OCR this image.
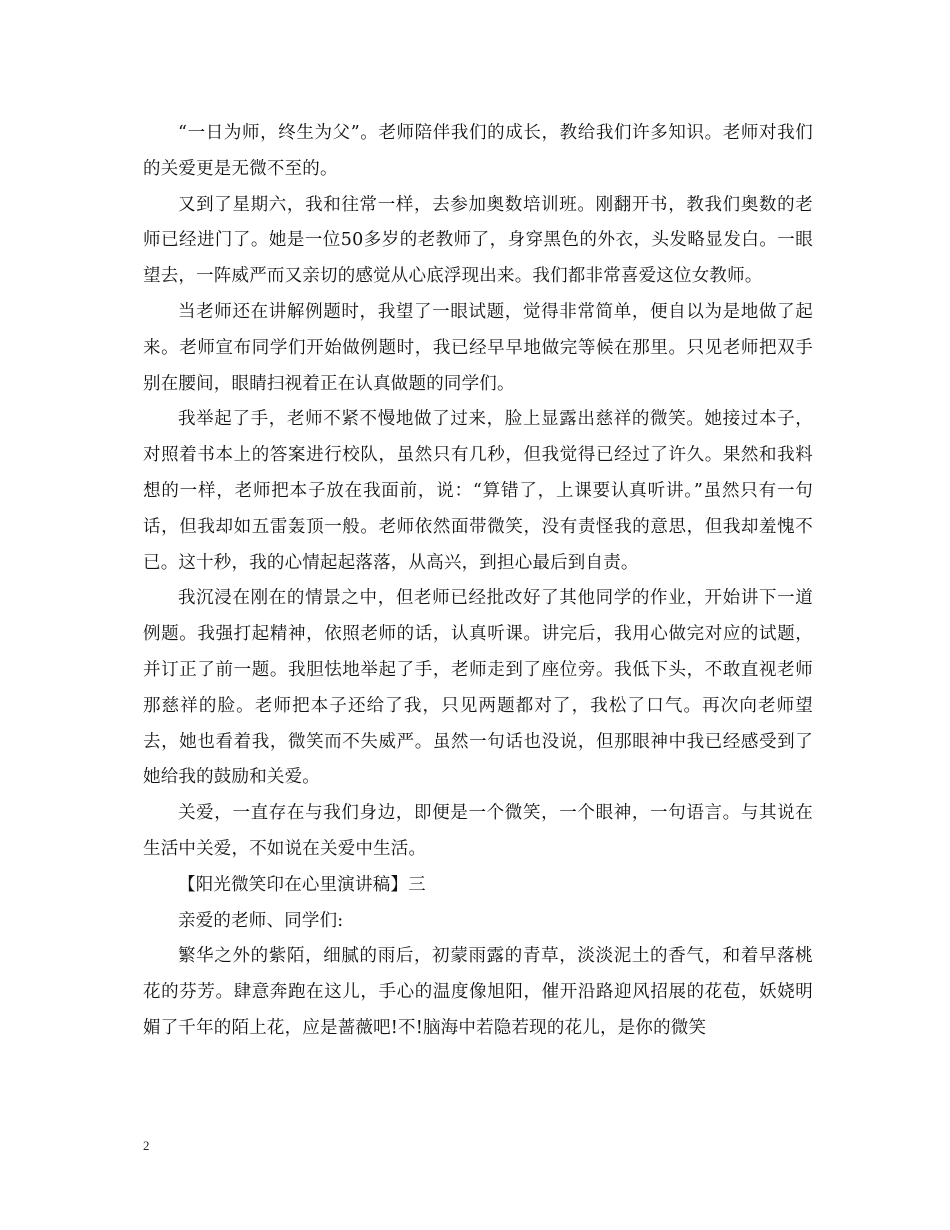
“一日为师，终生为父”。老师陪伴我们的成长，教给我们许多知识。老师对我们的关爱更是无微不至的。

又到了星期六，我和往常一样，去参加奥数培训班。刚翻开书，教我们奥数的老师已经进门了。她是一位50多岁的老教师了，身穿黑色的外衣，头发略显发白。一眼望去，一阵威严而又亲切的感觉从心底浮现出来。我们都非常喜爱这位女教师。

当老师还在讲解例题时，我望了一眼试题，觉得非常简单，便自以为是地做了起来。老师宣布同学们开始做例题时，我已经早早地做完等候在那里。只见老师把双手别在腰间，眼睛扫视着正在认真做题的同学们。

我举起了手，老师不紧不慢地做了过来，脸上显露出慈祥的微笑。她接过本子，对照着书本上的答案进行校队，虽然只有几秒，但我觉得已经过了许久。果然和我料想的一样，老师把本子放在我面前，说：“算错了，上课要认真听讲。”虽然只有一句话，但我却如五雷轰顶一般。老师依然面带微笑，没有责怪我的意思，但我却羞愧不已。这十秒，我的心情起起落落，从高兴，到担心最后到自责。

我沉浸在刚在的情景之中，但老师已经批改好了其他同学的作业，开始讲下一道例题。我强打起精神，依照老师的话，认真听课。讲完后，我用心做完对应的试题，并订正了前一题。我胆怯地举起了手，老师走到了座位旁。我低下头，不敢直视老师那慈祥的脸。老师把本子还给了我，只见两题都对了，我松了口气。再次向老师望去，她也看着我，微笑而不失威严。虽然一句话也没说，但那眼神中我已经感受到了她给我的鼓励和关爱。

关爱，一直存在与我们身边，即便是一个微笑，一个眼神，一句语言。与其说在生活中关爱，不如说在关爱中生活。

【阳光微笑印在心里演讲稿】三

亲爱的老师、同学们:

繁华之外的紫陌，细腻的雨后，初蒙雨露的青草，淡淡泥土的香气，和着早落桃花的芬芳。肆意奔跑在这儿，手心的温度像旭阳，催开沿路迎风招展的花苞，妖娆明媚了千年的陌上花，应是蔷薇吧!不!脑海中若隐若现的花儿，是你的微笑

2
